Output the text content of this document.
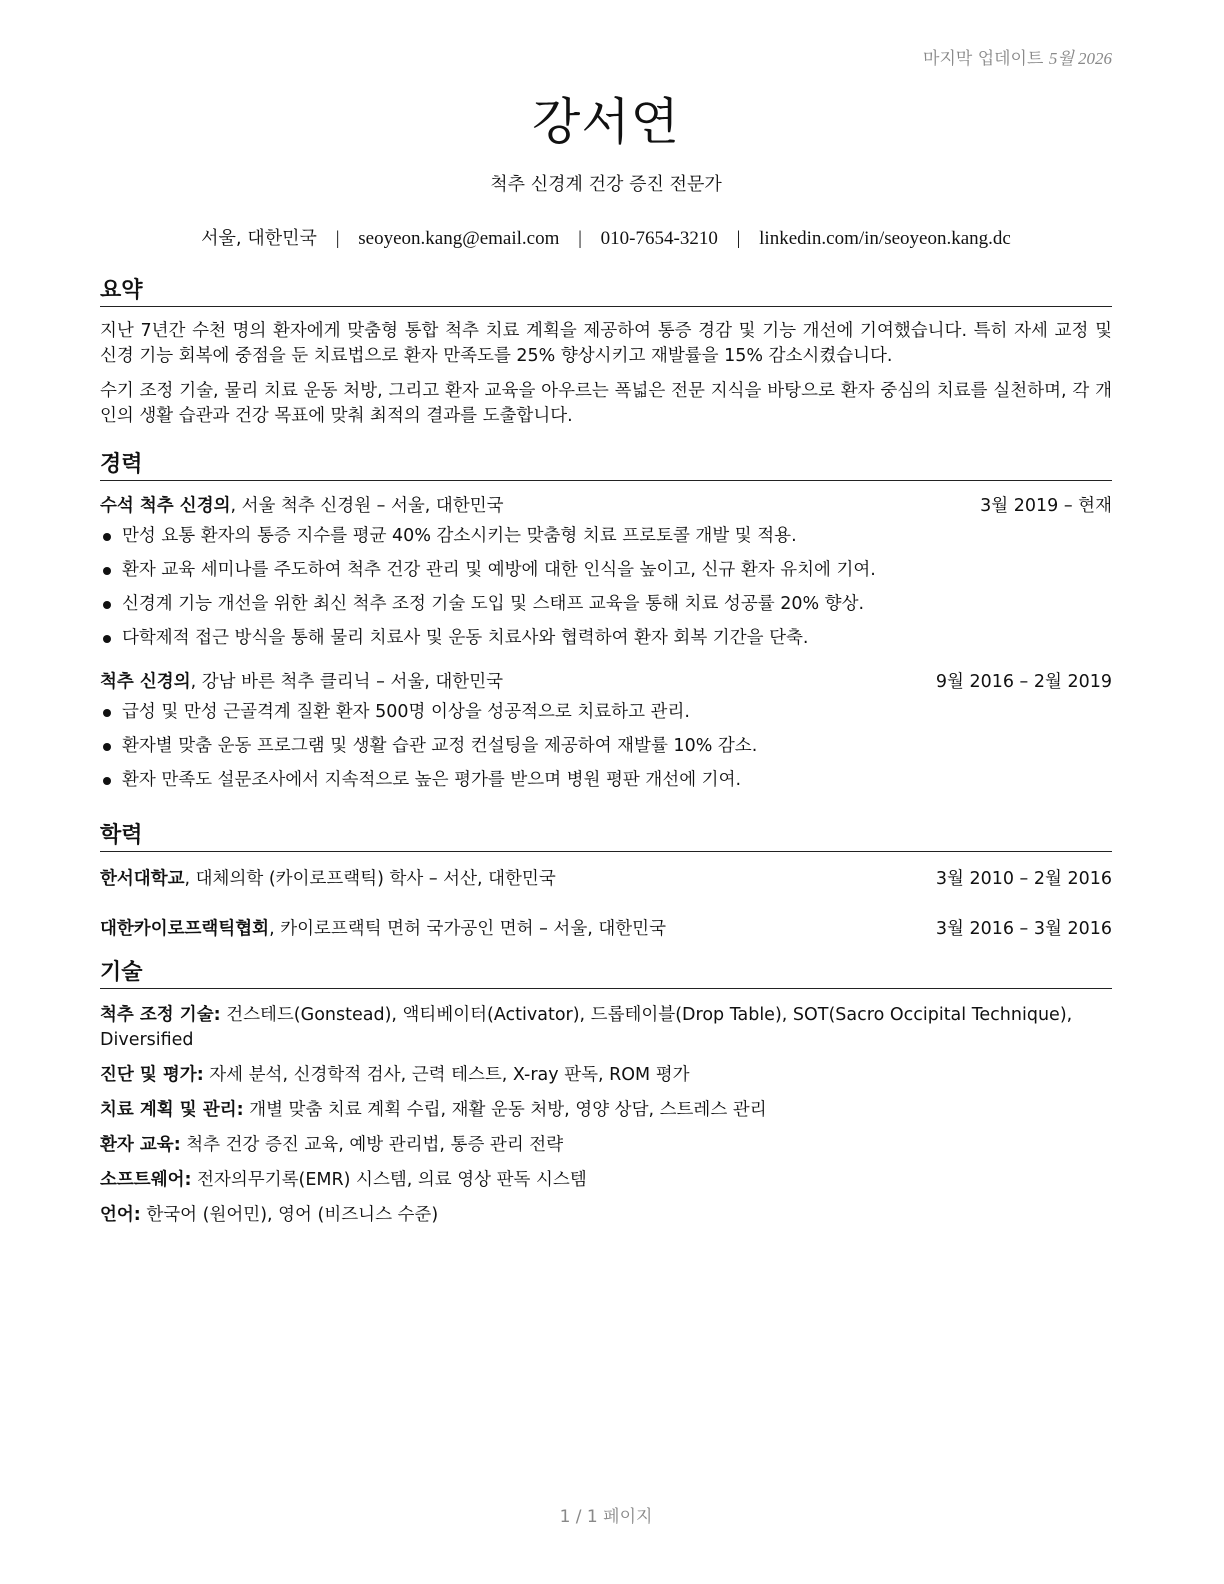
마지막 업데이트 5월 2026
강서연
척추 신경계 건강 증진 전문가
서울, 대한민국 | seoyeon.kang@email.com | 010-7654-3210 | linkedin.com/in/seoyeon.kang.dc
요약

지난 7년간 수천 명의 환자에게 맞춤형 통합 척추 치료 계획을 제공하여 통증 경감 및 기능 개선에 기여했습니다. 특히 자세 교정 및 신경 기능 회복에 중점을 둔 치료법으로 환자 만족도를 25% 향상시키고 재발률을 15% 감소시켰습니다.

수기 조정 기술, 물리 치료 운동 처방, 그리고 환자 교육을 아우르는 폭넓은 전문 지식을 바탕으로 환자 중심의 치료를 실천하며, 각 개인의 생활 습관과 건강 목표에 맞춰 최적의 결과를 도출합니다.

경력
수석 척추 신경의, 서울 척추 신경원 – 서울, 대한민국	3월 2019 – 현재
만성 요통 환자의 통증 지수를 평균 40% 감소시키는 맞춤형 치료 프로토콜 개발 및 적용.
환자 교육 세미나를 주도하여 척추 건강 관리 및 예방에 대한 인식을 높이고, 신규 환자 유치에 기여.
신경계 기능 개선을 위한 최신 척추 조정 기술 도입 및 스태프 교육을 통해 치료 성공률 20% 향상.
다학제적 접근 방식을 통해 물리 치료사 및 운동 치료사와 협력하여 환자 회복 기간을 단축.
척추 신경의, 강남 바른 척추 클리닉 – 서울, 대한민국	9월 2016 – 2월 2019
급성 및 만성 근골격계 질환 환자 500명 이상을 성공적으로 치료하고 관리.
환자별 맞춤 운동 프로그램 및 생활 습관 교정 컨설팅을 제공하여 재발률 10% 감소.
환자 만족도 설문조사에서 지속적으로 높은 평가를 받으며 병원 평판 개선에 기여.
학력
한서대학교, 대체의학 (카이로프랙틱) 학사 – 서산, 대한민국	3월 2010 – 2월 2016
대한카이로프랙틱협회, 카이로프랙틱 면허 국가공인 면허 – 서울, 대한민국	3월 2016 – 3월 2016
기술

척추 조정 기술: 건스테드(Gonstead), 액티베이터(Activator), 드롭테이블(Drop Table), SOT(Sacro Occipital Technique), Diversified

진단 및 평가: 자세 분석, 신경학적 검사, 근력 테스트, X-ray 판독, ROM 평가

치료 계획 및 관리: 개별 맞춤 치료 계획 수립, 재활 운동 처방, 영양 상담, 스트레스 관리

환자 교육: 척추 건강 증진 교육, 예방 관리법, 통증 관리 전략

소프트웨어: 전자의무기록(EMR) 시스템, 의료 영상 판독 시스템

언어: 한국어 (원어민), 영어 (비즈니스 수준)

1 / 1 페이지
